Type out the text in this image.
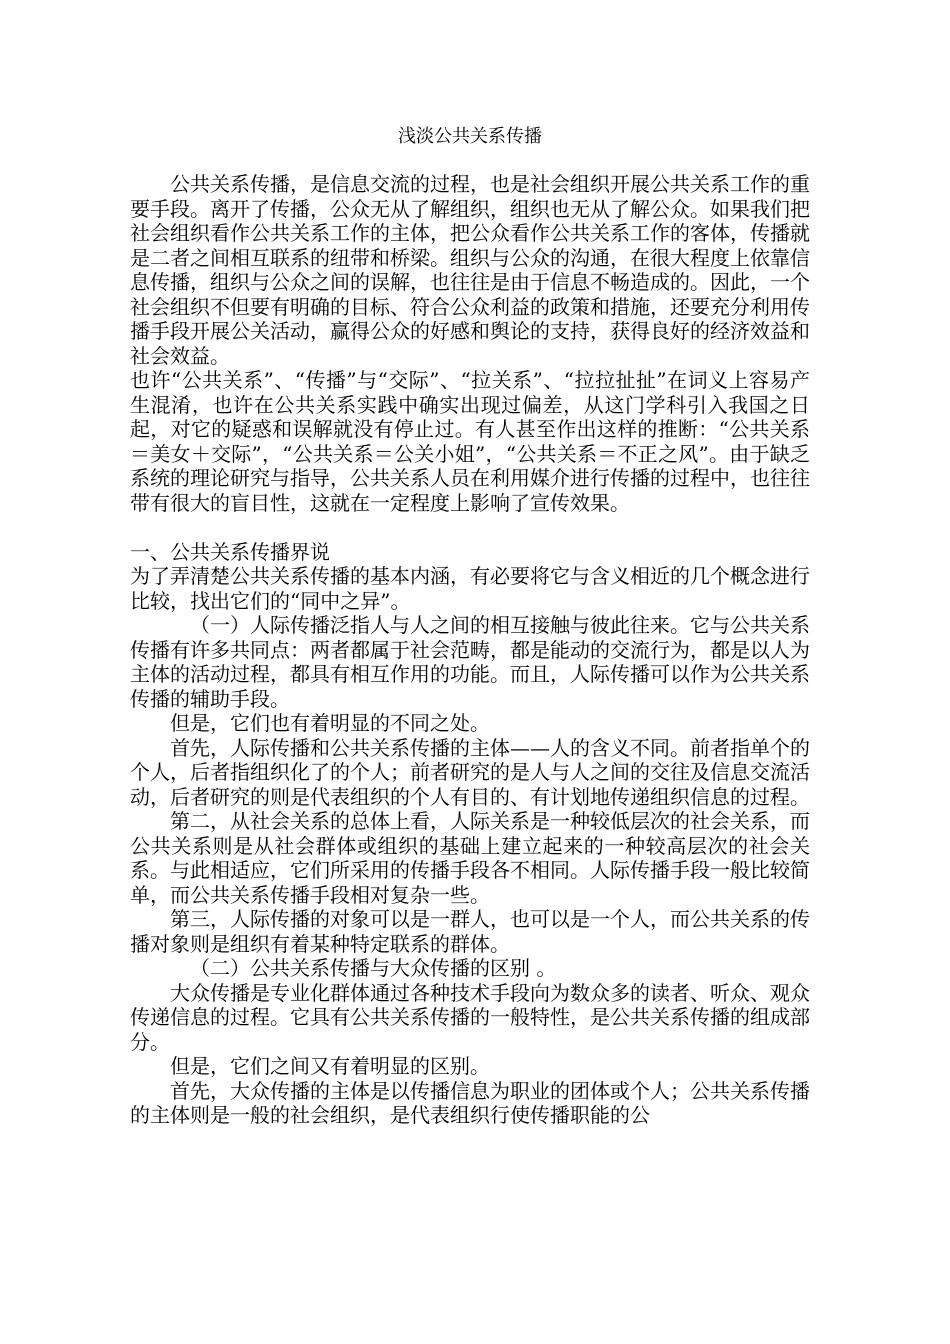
浅淡公共关系传播

公共关系传播，是信息交流的过程，也是社会组织开展公共关系工作的重要手段。离开了传播，公众无从了解组织，组织也无从了解公众。如果我们把社会组织看作公共关系工作的主体，把公众看作公共关系工作的客体，传播就是二者之间相互联系的纽带和桥梁。组织与公众的沟通，在很大程度上依靠信息传播，组织与公众之间的误解，也往往是由于信息不畅造成的。因此，一个社会组织不但要有明确的目标、符合公众利益的政策和措施，还要充分利用传播手段开展公关活动，赢得公众的好感和舆论的支持，获得良好的经济效益和社会效益。

也许“公共关系”、“传播”与“交际”、“拉关系”、“拉拉扯扯”在词义上容易产生混淆，也许在公共关系实践中确实出现过偏差，从这门学科引入我国之日起，对它的疑惑和误解就没有停止过。有人甚至作出这样的推断：“公共关系＝美女＋交际”，“公共关系＝公关小姐”，“公共关系＝不正之风”。由于缺乏系统的理论研究与指导，公共关系人员在利用媒介进行传播的过程中，也往往带有很大的盲目性，这就在一定程度上影响了宣传效果。

一、公共关系传播界说

为了弄清楚公共关系传播的基本内涵，有必要将它与含义相近的几个概念进行比较，找出它们的“同中之异”。

（一）人际传播泛指人与人之间的相互接触与彼此往来。它与公共关系传播有许多共同点：两者都属于社会范畴，都是能动的交流行为，都是以人为主体的活动过程，都具有相互作用的功能。而且，人际传播可以作为公共关系传播的辅助手段。

但是，它们也有着明显的不同之处。

首先，人际传播和公共关系传播的主体——人的含义不同。前者指单个的个人，后者指组织化了的个人；前者研究的是人与人之间的交往及信息交流活动，后者研究的则是代表组织的个人有目的、有计划地传递组织信息的过程。

第二，从社会关系的总体上看，人际关系是一种较低层次的社会关系，而公共关系则是从社会群体或组织的基础上建立起来的一种较高层次的社会关系。与此相适应，它们所采用的传播手段各不相同。人际传播手段一般比较简单，而公共关系传播手段相对复杂一些。

第三，人际传播的对象可以是一群人，也可以是一个人，而公共关系的传播对象则是组织有着某种特定联系的群体。

（二）公共关系传播与大众传播的区别 。

大众传播是专业化群体通过各种技术手段向为数众多的读者、听众、观众传递信息的过程。它具有公共关系传播的一般特性，是公共关系传播的组成部分。

但是，它们之间又有着明显的区别。

首先，大众传播的主体是以传播信息为职业的团体或个人；公共关系传播的主体则是一般的社会组织，是代表组织行使传播职能的公
